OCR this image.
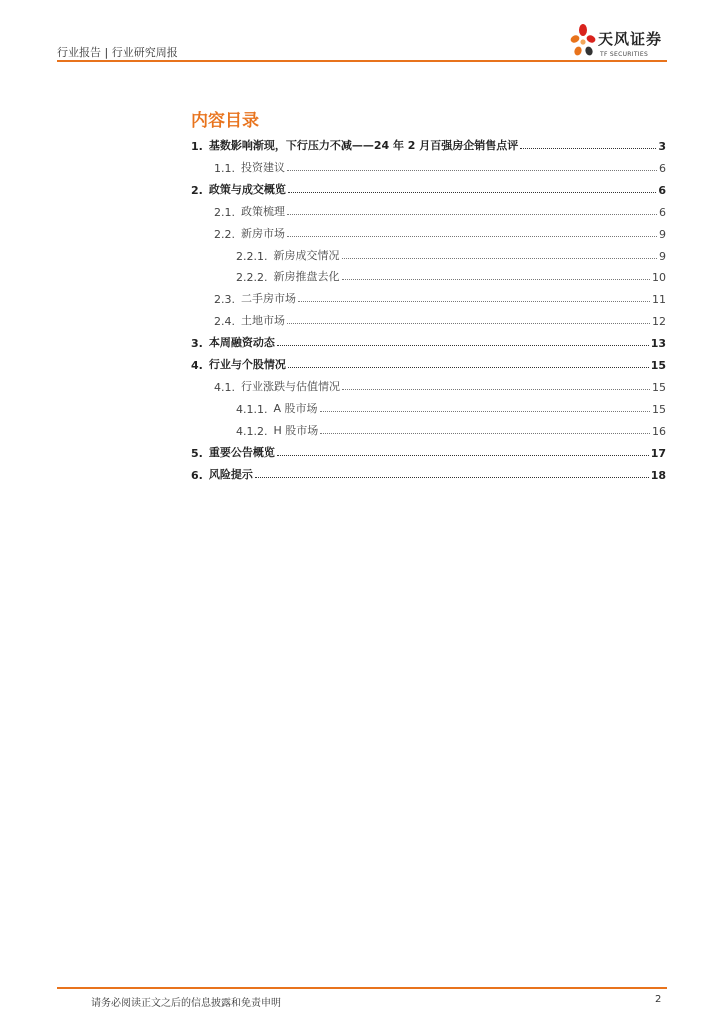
行业报告 | 行业研究周报
天风证券
TF SECURITIES
内容目录
1. 基数影响渐现，下行压力不减——24 年 2 月百强房企销售点评	3
1.1. 投资建议	6
2. 政策与成交概览	6
2.1. 政策梳理	6
2.2. 新房市场	9
2.2.1. 新房成交情况	9
2.2.2. 新房推盘去化	10
2.3. 二手房市场	11
2.4. 土地市场	12
3. 本周融资动态	13
4. 行业与个股情况	15
4.1. 行业涨跌与估值情况	15
4.1.1. A 股市场	15
4.1.2. H 股市场	16
5. 重要公告概览	17
6. 风险提示	18
请务必阅读正文之后的信息披露和免责申明	2
